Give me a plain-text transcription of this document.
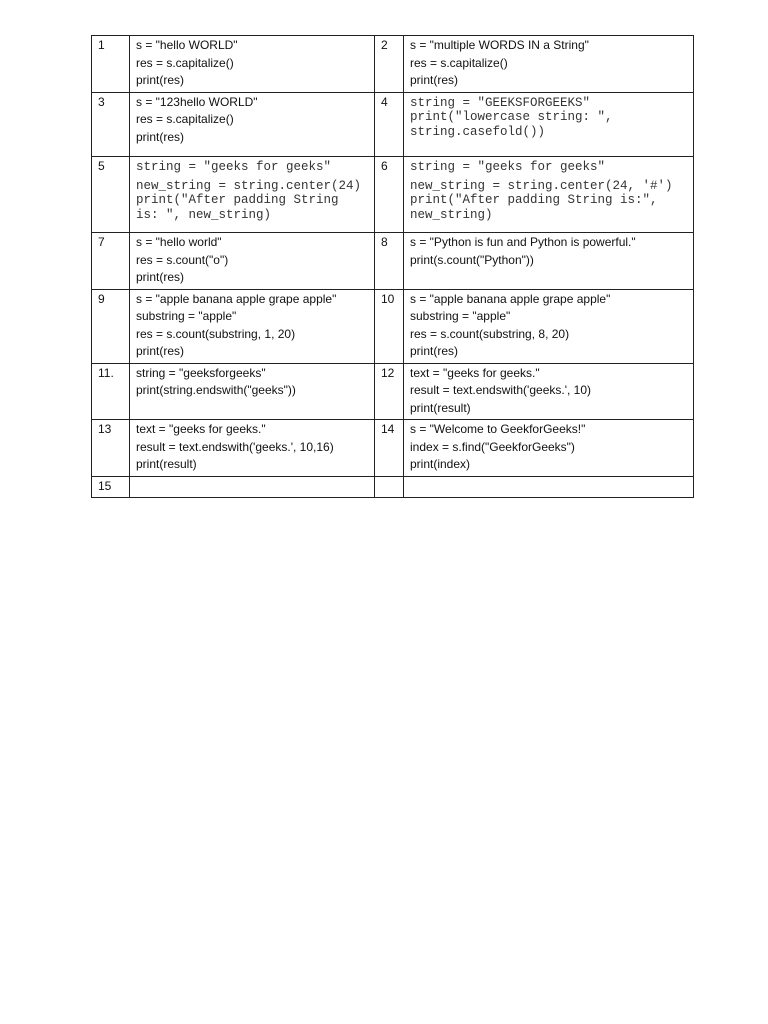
1	s = "hello WORLD"
res = s.capitalize()
print(res)	2	s = "multiple WORDS IN a String"
res = s.capitalize()
print(res)

3	s = "123hello WORLD"
res = s.capitalize()
print(res)	4	string = "GEEKSFORGEEKS"
print("lowercase string: ",
string.casefold())

5	string = "geeks for geeks"
new_string = string.center(24)
print("After padding String
is: ", new_string)	6	string = "geeks for geeks"
new_string = string.center(24, '#')
print("After padding String is:",
new_string)

7	s = "hello world"
res = s.count("o")
print(res)	8	s = "Python is fun and Python is powerful."
print(s.count("Python"))

9	s = "apple banana apple grape apple"
substring = "apple"
res = s.count(substring, 1, 20)
print(res)	10	s = "apple banana apple grape apple"
substring = "apple"
res = s.count(substring, 8, 20)
print(res)

11.	string = "geeksforgeeks"
print(string.endswith("geeks"))	12	text = "geeks for geeks."
result = text.endswith('geeks.', 10)
print(result)

13	text = "geeks for geeks."
result = text.endswith('geeks.', 10,16)
print(result)	14	s = "Welcome to GeekforGeeks!"
index = s.find("GeekforGeeks")
print(index)

15			
